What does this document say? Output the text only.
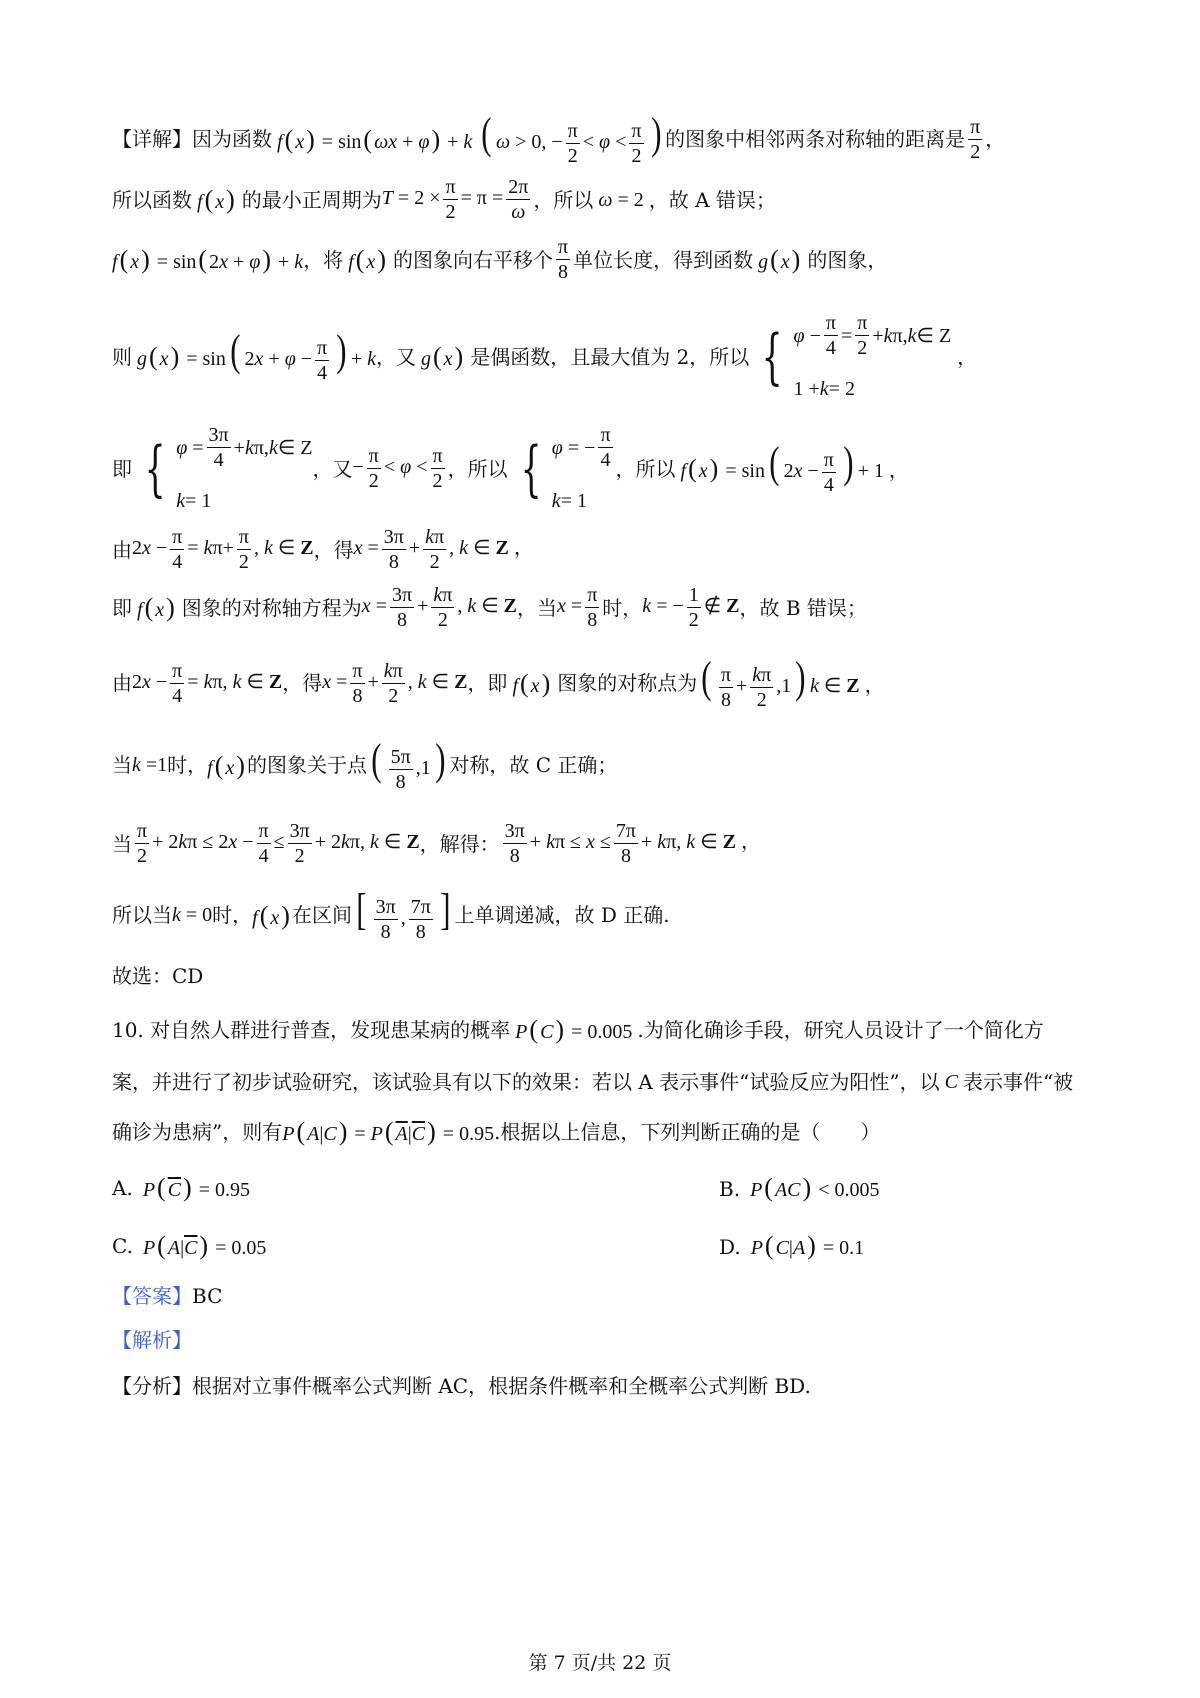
【详解】 因为函数 f( x) = sin( ωx + φ) + k ( ω > 0, − $\frac{\pi}{2} < \varphi < \frac{\pi}{2}$ ) 的图象中相邻两条对称轴的距离是 $\frac{\pi}{2}$ ，
所以函数 f( x) 的最小正周期为 $T = 2 \times \frac{\pi}{2} = \pi = \frac{2\pi}{\omega}$ ，所以 ω = 2 ，故 A 错误；
f( x) = sin( 2x + φ) + k ，将 f( x) 的图象向右平移个 $\frac{\pi}{8}$ 单位长度，得到函数 g( x) 的图象，
则 g( x) = sin( $2x + \varphi - \frac{\pi}{4}$ ) + k ，又 g( x) 是偶函数，且最大值为 2，所以 { $\varphi - \frac{\pi}{4} = \frac{\pi}{2} + k$ π, k ∈ Z
1 + k = 2
，
即 { $\varphi = \frac{3\pi}{4} + k$ π, k ∈ Z
k = 1
，又 − $\frac{\pi}{2} < \varphi < \frac{\pi}{2}$ ，所以 { φ = − $\frac{\pi}{4}$
k = 1
，所以 f( x) = sin( $2x - \frac{\pi}{4}$ ) + 1 ，
由 $2x - \frac{\pi}{4} = k\pi+ \frac{\pi}{2}$ , k ∈ Z ，得 $x = \frac{3\pi}{8} + \frac{k\pi}{2}$ , k ∈ Z ，
即 f( x) 图象的对称轴方程为 $x = \frac{3\pi}{8} + \frac{k\pi}{2}$ , k ∈ Z ，当 $x = \frac{\pi}{8}$ 时， k = − $\frac{1}{2}$ ∉ Z ，故 B 错误；
由 $2x - \frac{\pi}{4} = k\pi$, k ∈ Z ，得 $x = \frac{\pi}{8} + \frac{k\pi}{2}$ , k ∈ Z ，即 f( x) 图象的对称点为 ( $\frac{\pi}{8} + \frac{k\pi}{2} ,1$) k ∈ Z ，
当 k =1 时， f( x) 的图象关于点 ( $\frac{5\pi}{8} ,1$) 对称，故 C 正确；
当 $\frac{\pi}{2} + 2k\pi \le 2x - \frac{\pi}{4} \le \frac{3\pi}{2} + 2k\pi$, k ∈ Z ，解得： $\frac{3\pi}{8} + k\pi \le x \le \frac{7\pi}{8} + k\pi$, k ∈ Z ，
所以当 k = 0 时， f( x) 在区间 [ $\frac{3\pi}{8}$ , $\frac{7\pi}{8}$ ] 上单调递减，故 D 正确.
故选：CD
10.
对自然人群进行普查，发现患某病的概率 P( C) = 0.005 .为简化确诊手段，研究人员设计了一个简化方
案，并进行了初步试验研究，该试验具有以下的效果：若以 A 表示事件“试验反应为阳性”，以 C 表示事件“被
确诊为患病”，则有 P( A|C) = P( $\overline{A}|\overline{C}) = 0.95$ .根据以上信息，下列判断正确的是（　　）
A. P( $\overline{C}) = 0.95$	B. P( AC) < 0.005
C. P( $A|\overline{C}) = 0.05$	D. P( C|A) = 0.1
【答案】 BC
【解析】
【分析】 根据对立事件概率公式判断 AC，根据条件概率和全概率公式判断 BD.
第 7 页/共 22 页
